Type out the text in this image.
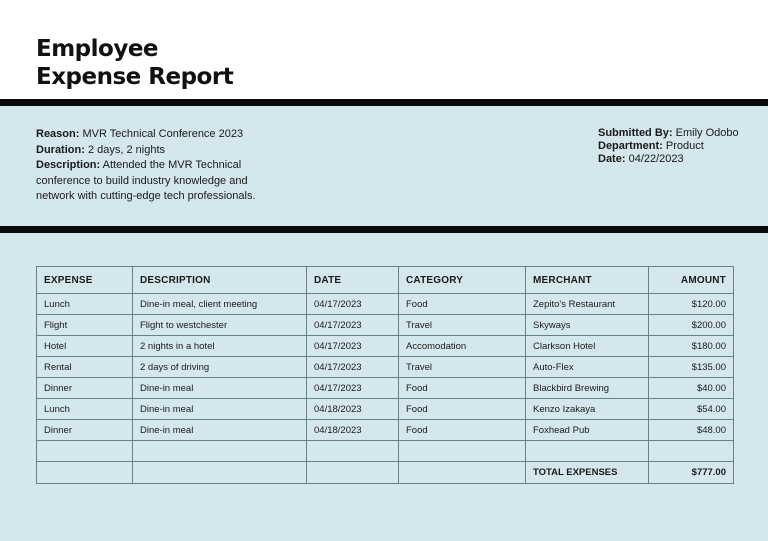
Employee
Expense Report
Reason: MVR Technical Conference 2023
Duration: 2 days, 2 nights
Description: Attended the MVR Technical conference to build industry knowledge and network with cutting-edge tech professionals.
Submitted By: Emily Odobo
Department: Product
Date: 04/22/2023
EXPENSE	DESCRIPTION	DATE	CATEGORY	MERCHANT	AMOUNT
Lunch	Dine-in meal, client meeting	04/17/2023	Food	Zepito's Restaurant	$120.00
Flight	Flight to westchester	04/17/2023	Travel	Skyways	$200.00
Hotel	2 nights in a hotel	04/17/2023	Accomodation	Clarkson Hotel	$180.00
Rental	2 days of driving	04/17/2023	Travel	Auto-Flex	$135.00
Dinner	Dine-in meal	04/17/2023	Food	Blackbird Brewing	$40.00
Lunch	Dine-in meal	04/18/2023	Food	Kenzo Izakaya	$54.00
Dinner	Dine-in meal	04/18/2023	Food	Foxhead Pub	$48.00

				TOTAL EXPENSES	$777.00
